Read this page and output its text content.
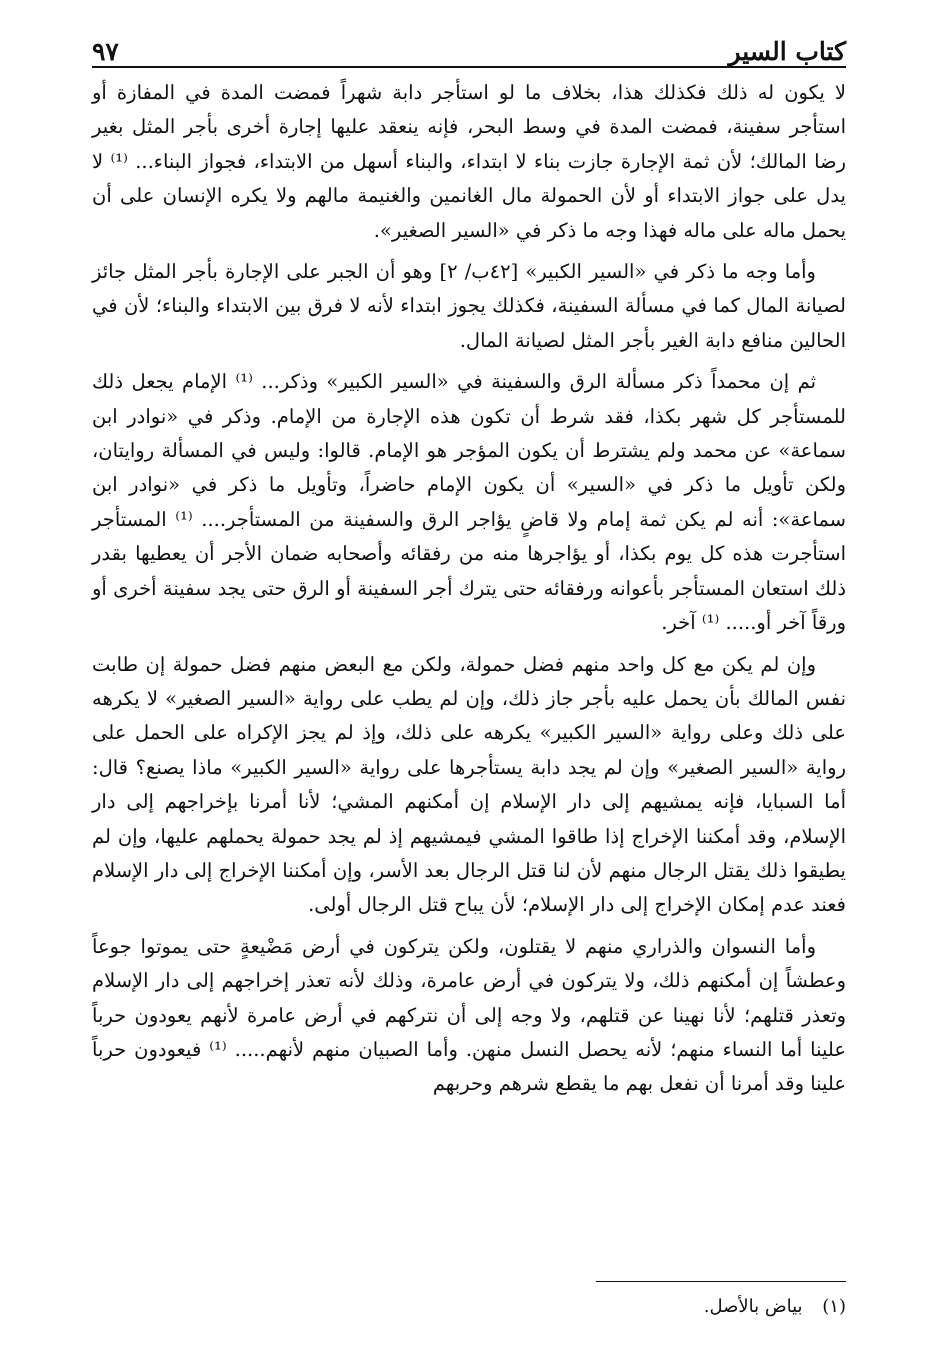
كتاب السير
٩٧

لا يكون له ذلك فكذلك هذا، بخلاف ما لو استأجر دابة شهراً فمضت المدة في المفازة أو استأجر سفينة، فمضت المدة في وسط البحر، فإنه ينعقد عليها إجارة أخرى بأجر المثل بغير رضا المالك؛ لأن ثمة الإجارة جازت بناء لا ابتداء، والبناء أسهل من الابتداء، فجواز البناء... ⁽¹⁾ لا يدل على جواز الابتداء أو لأن الحمولة مال الغانمين والغنيمة مالهم ولا يكره الإنسان على أن يحمل ماله على ماله فهذا وجه ما ذكر في «السير الصغير».

وأما وجه ما ذكر في «السير الكبير» [٤٢ب/ ٢] وهو أن الجبر على الإجارة بأجر المثل جائز لصيانة المال كما في مسألة السفينة، فكذلك يجوز ابتداء لأنه لا فرق بين الابتداء والبناء؛ لأن في الحالين منافع دابة الغير بأجر المثل لصيانة المال.

ثم إن محمداً ذكر مسألة الرق والسفينة في «السير الكبير» وذكر... ⁽¹⁾ الإمام يجعل ذلك للمستأجر كل شهر بكذا، فقد شرط أن تكون هذه الإجارة من الإمام. وذكر في «نوادر ابن سماعة» عن محمد ولم يشترط أن يكون المؤجر هو الإمام. قالوا: وليس في المسألة روايتان، ولكن تأويل ما ذكر في «السير» أن يكون الإمام حاضراً، وتأويل ما ذكر في «نوادر ابن سماعة»: أنه لم يكن ثمة إمام ولا قاضٍ يؤاجر الرق والسفينة من المستأجر.... ⁽¹⁾ المستأجر استأجرت هذه كل يوم بكذا، أو يؤاجرها منه من رفقائه وأصحابه ضمان الأجر أن يعطيها بقدر ذلك استعان المستأجر بأعوانه ورفقائه حتى يترك أجر السفينة أو الرق حتى يجد سفينة أخرى أو ورقاً آخر أو..... ⁽¹⁾ آخر.

وإن لم يكن مع كل واحد منهم فضل حمولة، ولكن مع البعض منهم فضل حمولة إن طابت نفس المالك بأن يحمل عليه بأجر جاز ذلك، وإن لم يطب على رواية «السير الصغير» لا يكرهه على ذلك وعلى رواية «السير الكبير» يكرهه على ذلك، وإذ لم يجز الإكراه على الحمل على رواية «السير الصغير» وإن لم يجد دابة يستأجرها على رواية «السير الكبير» ماذا يصنع؟ قال: أما السبايا، فإنه يمشيهم إلى دار الإسلام إن أمكنهم المشي؛ لأنا أمرنا بإخراجهم إلى دار الإسلام، وقد أمكننا الإخراج إذا طاقوا المشي فيمشيهم إذ لم يجد حمولة يحملهم عليها، وإن لم يطيقوا ذلك يقتل الرجال منهم لأن لنا قتل الرجال بعد الأسر، وإن أمكننا الإخراج إلى دار الإسلام فعند عدم إمكان الإخراج إلى دار الإسلام؛ لأن يباح قتل الرجال أولى.

وأما النسوان والذراري منهم لا يقتلون، ولكن يتركون في أرض مَضْيعةٍ حتى يموتوا جوعاً وعطشاً إن أمكنهم ذلك، ولا يتركون في أرض عامرة، وذلك لأنه تعذر إخراجهم إلى دار الإسلام وتعذر قتلهم؛ لأنا نهينا عن قتلهم، ولا وجه إلى أن نتركهم في أرض عامرة لأنهم يعودون حرباً علينا أما النساء منهم؛ لأنه يحصل النسل منهن. وأما الصبيان منهم لأنهم..... ⁽¹⁾ فيعودون حرباً علينا وقد أمرنا أن نفعل بهم ما يقطع شرهم وحربهم

(١) بياض بالأصل.
